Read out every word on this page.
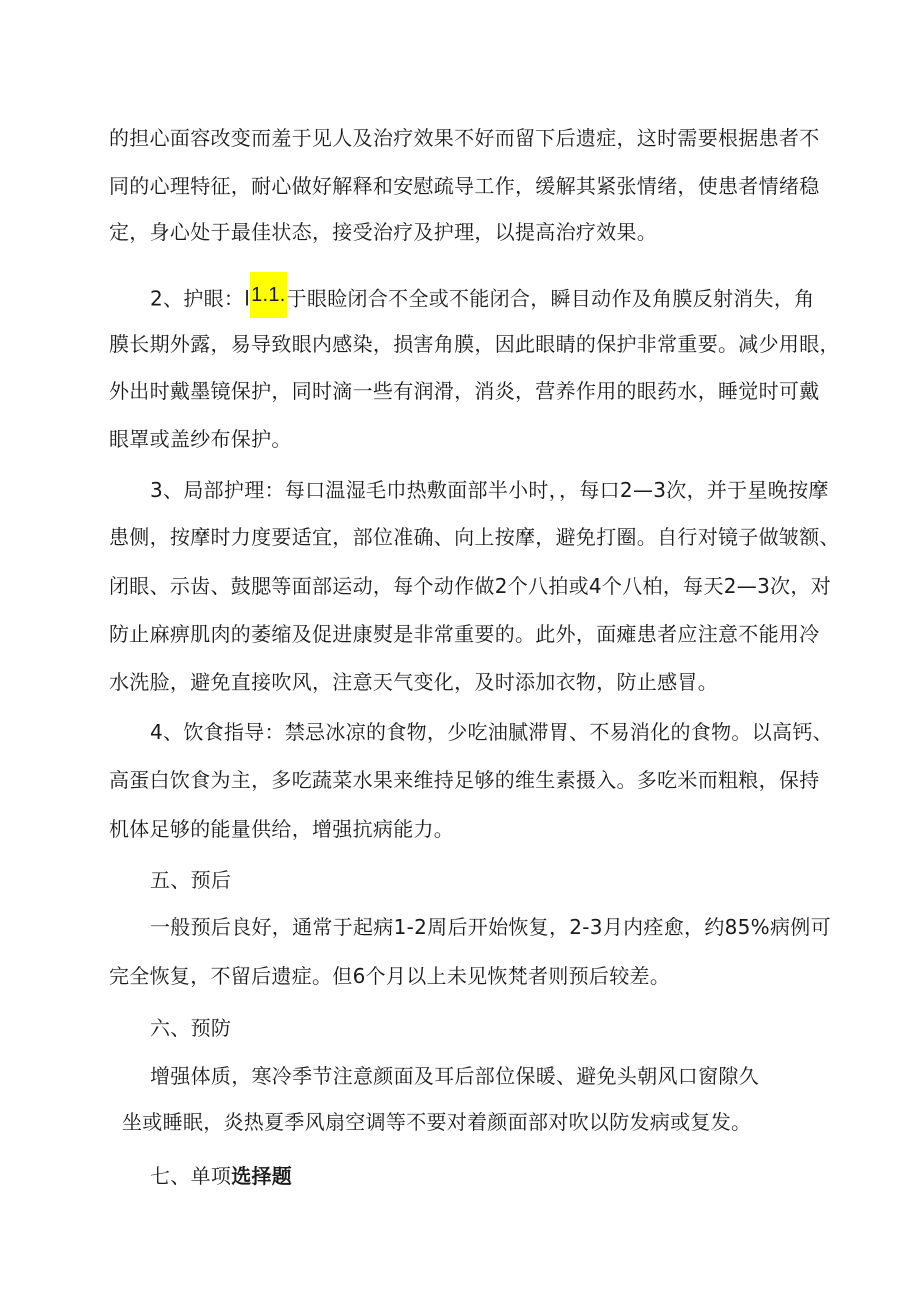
的担心面容改变而羞于见人及治疗效果不好而留下后遗症，这时需要根据患者不
同的心理特征，耐心做好解释和安慰疏导工作，缓解其紧张情绪，使患者情绪稳
定，身心处于最佳状态，接受治疗及护理，以提高治疗效果。
2、护眼：l1.1.于眼睑闭合不全或不能闭合，瞬目动作及角膜反射消失，角
膜长期外露，易导致眼内感染，损害角膜，因此眼睛的保护非常重要。减少用眼，
外出时戴墨镜保护，同时滴一些有润滑，消炎，营养作用的眼药水，睡觉时可戴
眼罩或盖纱布保护。
3、局部护理：每口温湿毛巾热敷面部半小时，，每口2—3次，并于星晚按摩
患侧，按摩时力度要适宜，部位准确、向上按摩，避免打圈。自行对镜子做皱额、
闭眼、示齿、鼓腮等面部运动，每个动作做2个八拍或4个八柏，每天2—3次，对
防止麻痹肌肉的萎缩及促进康熨是非常重要的。此外，面瘫患者应注意不能用冷
水洗脸，避免直接吹风，注意天气变化，及时添加衣物，防止感冒。
4、饮食指导：禁忌冰凉的食物，少吃油腻滞胃、不易消化的食物。以高钙、
高蛋白饮食为主，多吃蔬菜水果来维持足够的维生素摄入。多吃米而粗粮，保持
机体足够的能量供给，增强抗病能力。
五、预后
一般预后良好，通常于起病1-2周后开始恢复，2-3月内痊愈，约85%病例可
完全恢复，不留后遗症。但6个月以上未见恢梵者则预后较差。
六、预防
增强体质，寒冷季节注意颜面及耳后部位保暖、避免头朝风口窗隙久
坐或睡眠，炎热夏季风扇空调等不要对着颜面部对吹以防发病或复发。
七、单项选择题
